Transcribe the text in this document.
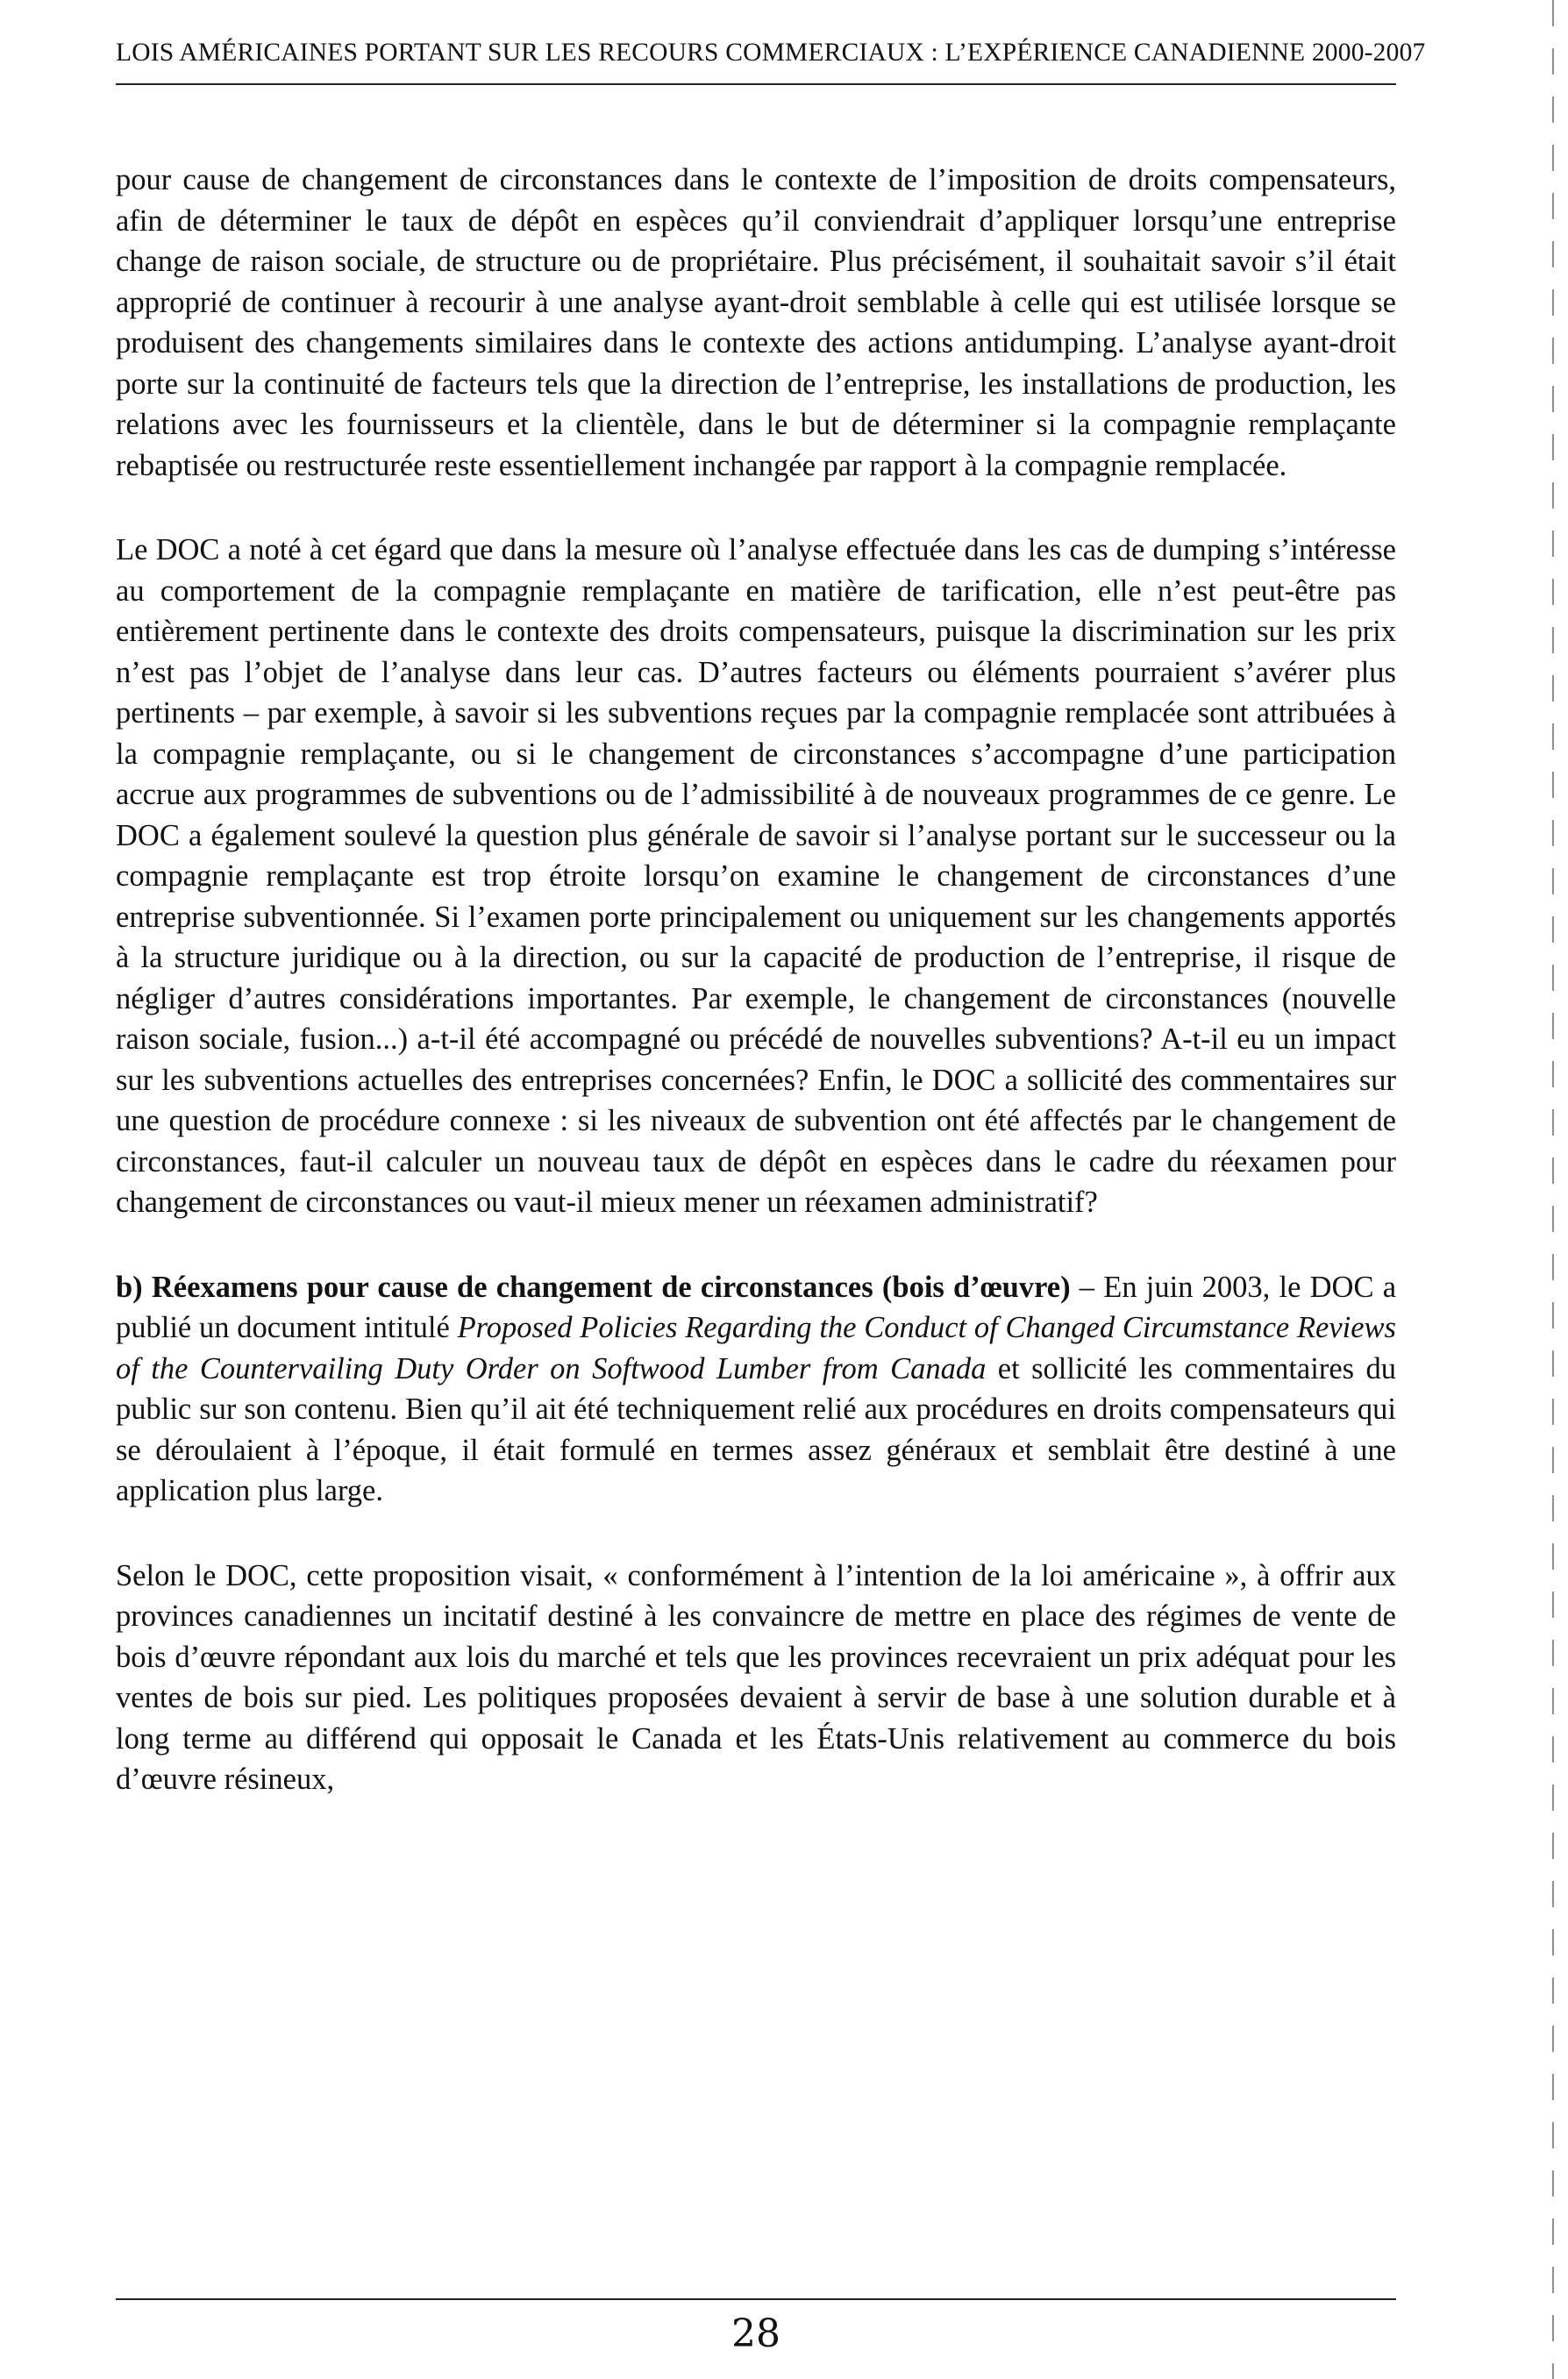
LOIS AMÉRICAINES PORTANT SUR LES RECOURS COMMERCIAUX : L’EXPÉRIENCE CANADIENNE 2000-2007

pour cause de changement de circonstances dans le contexte de l’imposition de droits compensateurs, afin de déterminer le taux de dépôt en espèces qu’il conviendrait d’appliquer lorsqu’une entreprise change de raison sociale, de structure ou de propriétaire. Plus précisément, il souhaitait savoir s’il était approprié de continuer à recourir à une analyse ayant-droit semblable à celle qui est utilisée lorsque se produisent des changements similaires dans le contexte des actions antidumping. L’analyse ayant-droit porte sur la continuité de facteurs tels que la direction de l’entreprise, les installations de production, les relations avec les fournisseurs et la clientèle, dans le but de déterminer si la compagnie remplaçante rebaptisée ou restructurée reste essentiellement inchangée par rapport à la compagnie remplacée.

Le DOC a noté à cet égard que dans la mesure où l’analyse effectuée dans les cas de dumping s’intéresse au comportement de la compagnie remplaçante en matière de tarification, elle n’est peut-être pas entièrement pertinente dans le contexte des droits compensateurs, puisque la discrimination sur les prix n’est pas l’objet de l’analyse dans leur cas. D’autres facteurs ou éléments pourraient s’avérer plus pertinents – par exemple, à savoir si les subventions reçues par la compagnie remplacée sont attribuées à la compagnie remplaçante, ou si le changement de circonstances s’accompagne d’une participation accrue aux programmes de subventions ou de l’admissibilité à de nouveaux programmes de ce genre. Le DOC a également soulevé la question plus générale de savoir si l’analyse portant sur le successeur ou la compagnie remplaçante est trop étroite lorsqu’on examine le changement de circonstances d’une entreprise subventionnée. Si l’examen porte principalement ou uniquement sur les changements apportés à la structure juridique ou à la direction, ou sur la capacité de production de l’entreprise, il risque de négliger d’autres considérations importantes. Par exemple, le changement de circonstances (nouvelle raison sociale, fusion...) a-t-il été accompagné ou précédé de nouvelles subventions? A-t-il eu un impact sur les subventions actuelles des entreprises concernées? Enfin, le DOC a sollicité des commentaires sur une question de procédure connexe : si les niveaux de subvention ont été affectés par le changement de circonstances, faut-il calculer un nouveau taux de dépôt en espèces dans le cadre du réexamen pour changement de circonstances ou vaut-il mieux mener un réexamen administratif?

b) Réexamens pour cause de changement de circonstances (bois d’œuvre) – En juin 2003, le DOC a publié un document intitulé Proposed Policies Regarding the Conduct of Changed Circumstance Reviews of the Countervailing Duty Order on Softwood Lumber from Canada et sollicité les commentaires du public sur son contenu. Bien qu’il ait été techniquement relié aux procédures en droits compensateurs qui se déroulaient à l’époque, il était formulé en termes assez généraux et semblait être destiné à une application plus large.

Selon le DOC, cette proposition visait, « conformément à l’intention de la loi américaine », à offrir aux provinces canadiennes un incitatif destiné à les convaincre de mettre en place des régimes de vente de bois d’œuvre répondant aux lois du marché et tels que les provinces recevraient un prix adéquat pour les ventes de bois sur pied. Les politiques proposées devaient à servir de base à une solution durable et à long terme au différend qui opposait le Canada et les États-Unis relativement au commerce du bois d’œuvre résineux,

28
